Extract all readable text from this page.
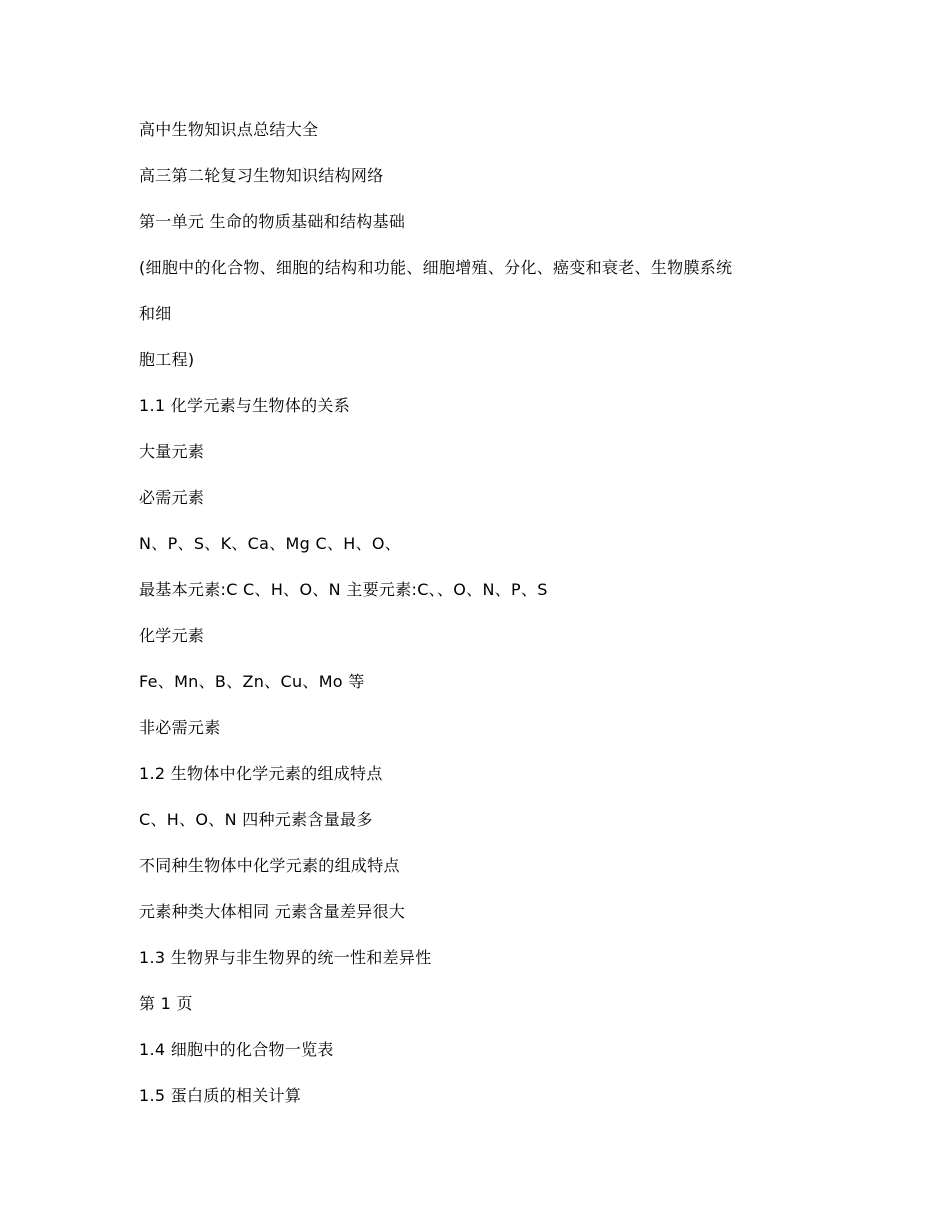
高中生物知识点总结大全
高三第二轮复习生物知识结构网络
第一单元 生命的物质基础和结构基础
(细胞中的化合物、细胞的结构和功能、细胞增殖、分化、癌变和衰老、生物膜系统
和细
胞工程)
1.1 化学元素与生物体的关系
大量元素
必需元素
N、P、S、K、Ca、Mg C、H、O、
最基本元素:C C、H、O、N 主要元素:C、、O、N、P、S
化学元素
Fe、Mn、B、Zn、Cu、Mo 等
非必需元素
1.2 生物体中化学元素的组成特点
C、H、O、N 四种元素含量最多
不同种生物体中化学元素的组成特点
元素种类大体相同 元素含量差异很大
1.3 生物界与非生物界的统一性和差异性
第 1 页
1.4 细胞中的化合物一览表
1.5 蛋白质的相关计算
